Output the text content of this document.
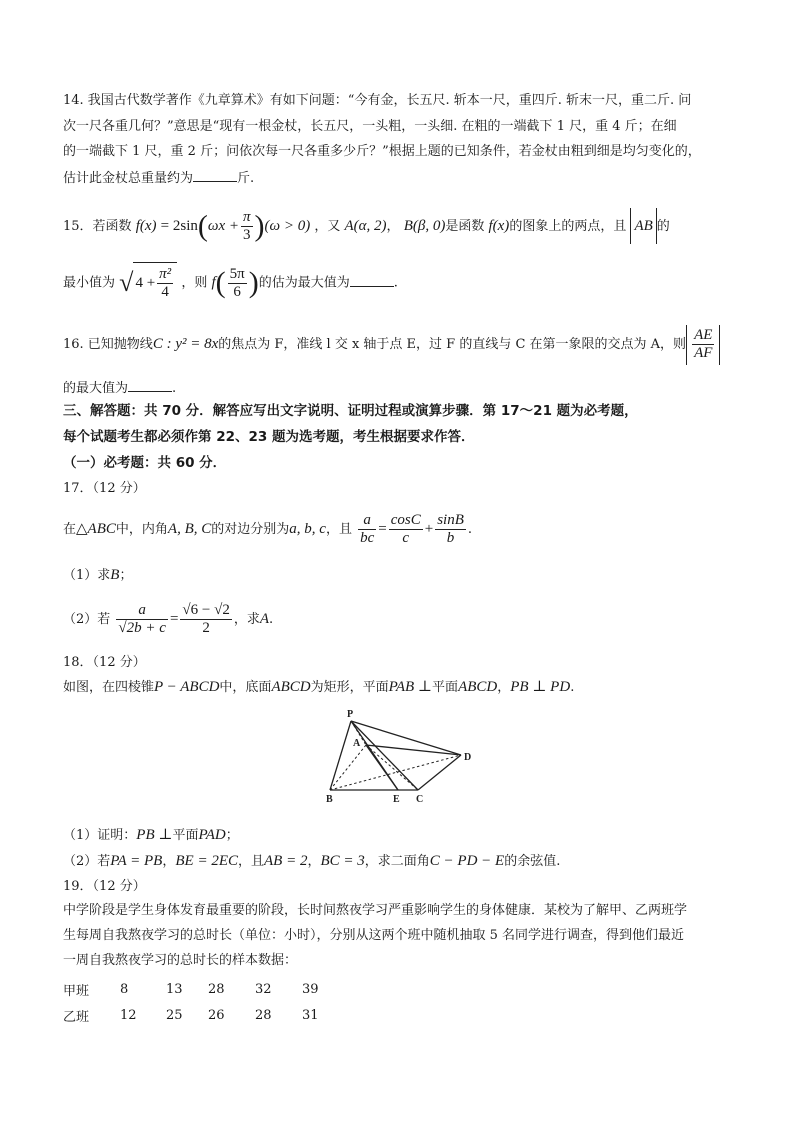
14. 我国古代数学著作《九章算术》有如下问题：“今有金，长五尺. 斩本一尺，重四斤. 斩末一尺，重二斤. 问
次一尺各重几何？”意思是“现有一根金杖，长五尺，一头粗，一头细. 在粗的一端截下 1 尺，重 4 斤；在细
的一端截下 1 尺，重 2 斤；问依次每一尺各重多少斤？”根据上题的已知条件，若金杖由粗到细是均匀变化的，
估计此金杖总重量约为	斤.
15．若函数 $f(x) = 2\sin(\omega x + \frac{\pi}{3} )(\omega > 0)$ ，又 A(α, 2)， B(β, 0)是函数 f(x)的图象上的两点，且 AB 的
最小值为 √ $4 + \frac{\text{π²}}{4}$ ，则 $f( \frac{5\pi}{6}$ )的估为最大值为	.
16. 已知抛物线C : y² = 8x的焦点为 F，准线 l 交 x 轴于点 E，过 F 的直线与 C 在第一象限的交点为 A，则 $\frac{AE}{AF}$
的最大值为	.
三、解答题：共 70 分．解答应写出文字说明、证明过程或演算步骤．第 17～21 题为必考题，
每个试题考生都必须作第 22、23 题为选考题，考生根据要求作答．
（一）必考题：共 60 分．
17．（12 分）
在△ABC中，内角A, B, C的对边分别为a, b, c，且 $\frac{a}{bc} = \frac{\cos C}{c} + \frac{\sin B}{b}$ .
（1）求B；
（2）若 $\frac{a}{√2b + c} = \frac{√6 - √2}{2}$ ，求A.
18．（12 分）
如图，在四棱锥P − ABCD中，底面ABCD为矩形，平面PAB ⊥平面ABCD，PB ⊥ PD.
P
A
D
B	E C
（1）证明：PB ⊥平面PAD；
（2）若PA = PB，BE = 2EC，且AB = 2，BC = 3，求二面角C − PD − E的余弦值.
19．（12 分）
中学阶段是学生身体发育最重要的阶段，长时间熬夜学习严重影响学生的身体健康．某校为了解甲、乙两班学
生每周自我熬夜学习的总时长（单位：小时），分别从这两个班中随机抽取 5 名同学进行调查，得到他们最近
一周自我熬夜学习的总时长的样本数据：
甲班	8	13	28	32	39
乙班	12	25	26	28	31
